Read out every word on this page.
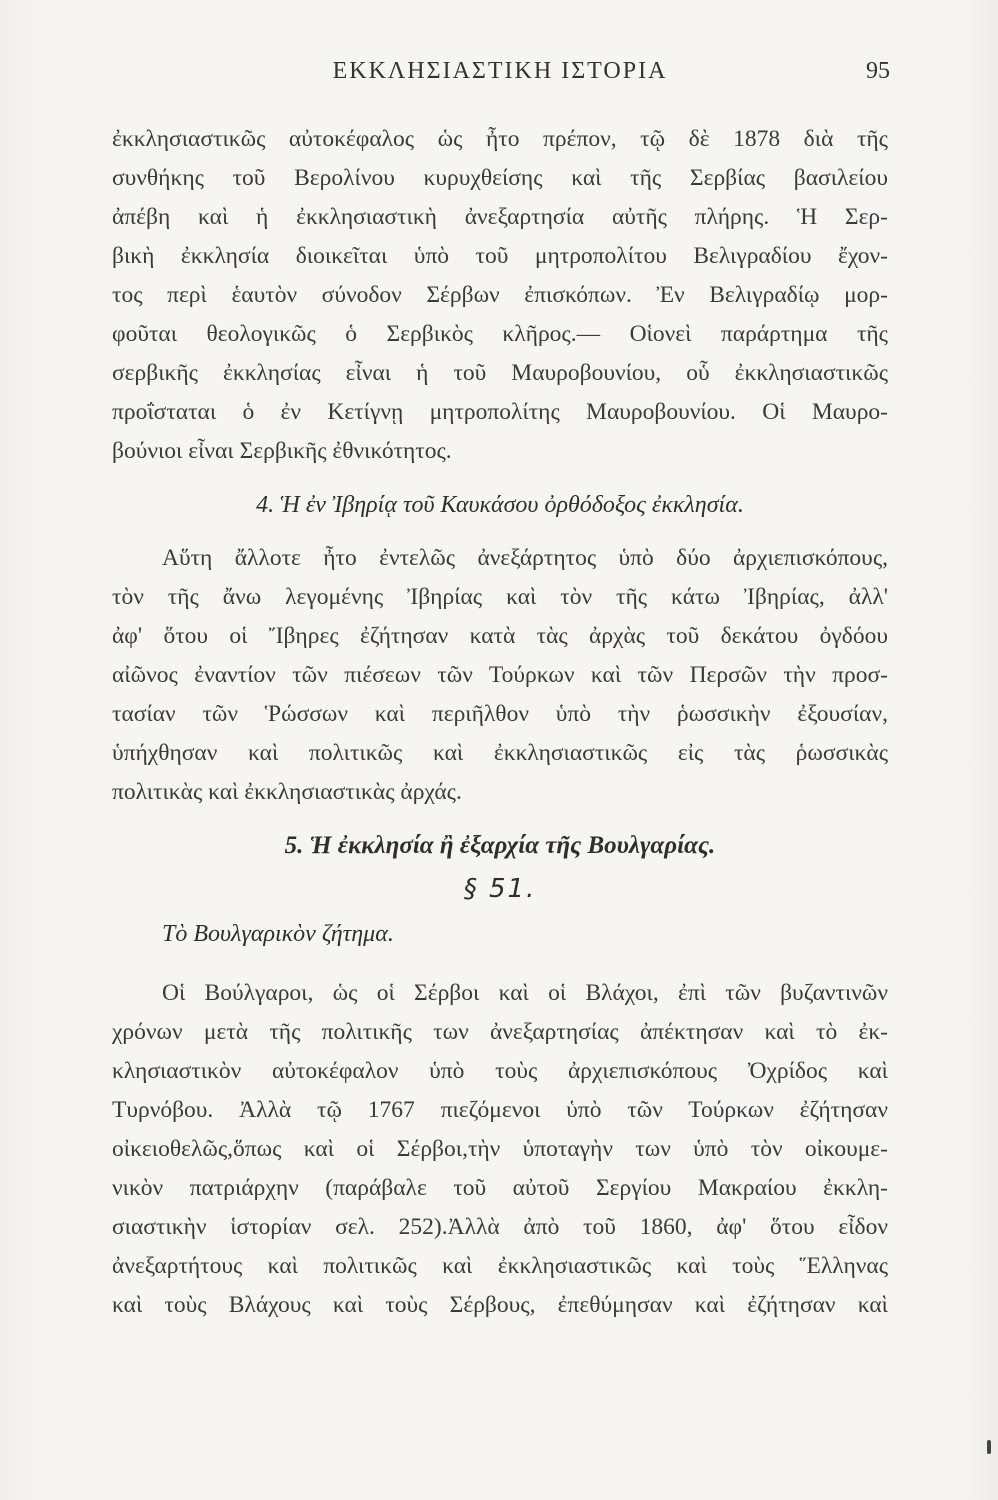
ΕΚΚΛΗΣΙΑΣΤΙΚΗ ΙΣΤΟΡΙΑ	95
ἐκκλησιαστικῶς αὐτοκέφαλος ὡς ἦτο πρέπον, τῷ δὲ 1878 διὰ τῆς
συνθήκης τοῦ Βερολίνου κυρυχθείσης καὶ τῆς Σερβίας βασιλείου
ἀπέβη καὶ ἡ ἐκκλησιαστικὴ ἀνεξαρτησία αὐτῆς πλήρης. Ἡ Σερ-
βικὴ ἐκκλησία διοικεῖται ὑπὸ τοῦ μητροπολίτου Βελιγραδίου ἔχον-
τος περὶ ἑαυτὸν σύνοδον Σέρβων ἐπισκόπων. Ἐν Βελιγραδίῳ μορ-
φοῦται θεολογικῶς ὁ Σερβικὸς κλῆρος.— Οἱονεὶ παράρτημα τῆς
σερβικῆς ἐκκλησίας εἶναι ἡ τοῦ Μαυροβουνίου, οὗ ἐκκλησιαστικῶς
προΐσταται ὁ ἐν Κετίγνῃ μητροπολίτης Μαυροβουνίου. Οἱ Μαυρο-
βούνιοι εἶναι Σερβικῆς ἐθνικότητος.
4. Ἡ ἐν Ἰβηρίᾳ τοῦ Καυκάσου ὀρθόδοξος ἐκκλησία.
Αὕτη ἄλλοτε ἦτο ἐντελῶς ἀνεξάρτητος ὑπὸ δύο ἀρχιεπισκόπους,
τὸν τῆς ἄνω λεγομένης Ἰβηρίας καὶ τὸν τῆς κάτω Ἰβηρίας, ἀλλ'
ἀφ' ὅτου οἱ Ἴβηρες ἐζήτησαν κατὰ τὰς ἀρχὰς τοῦ δεκάτου ὀγδόου
αἰῶνος ἐναντίον τῶν πιέσεων τῶν Τούρκων καὶ τῶν Περσῶν τὴν προσ-
τασίαν τῶν Ῥώσσων καὶ περιῆλθον ὑπὸ τὴν ῥωσσικὴν ἐξουσίαν,
ὑπήχθησαν καὶ πολιτικῶς καὶ ἐκκλησιαστικῶς εἰς τὰς ῥωσσικὰς
πολιτικὰς καὶ ἐκκλησιαστικὰς ἀρχάς.
5. Ἡ ἐκκλησία ἢ ἐξαρχία τῆς Βουλγαρίας.
§ 51.
Τὸ Βουλγαρικὸν ζήτημα.
Οἱ Βούλγαροι, ὡς οἱ Σέρβοι καὶ οἱ Βλάχοι, ἐπὶ τῶν βυζαντινῶν
χρόνων μετὰ τῆς πολιτικῆς των ἀνεξαρτησίας ἀπέκτησαν καὶ τὸ ἐκ-
κλησιαστικὸν αὐτοκέφαλον ὑπὸ τοὺς ἀρχιεπισκόπους Ὀχρίδος καὶ
Τυρνόβου. Ἀλλὰ τῷ 1767 πιεζόμενοι ὑπὸ τῶν Τούρκων ἐζήτησαν
οἰκειοθελῶς,ὅπως καὶ οἱ Σέρβοι,τὴν ὑποταγὴν των ὑπὸ τὸν οἰκουμε-
νικὸν πατριάρχην (παράβαλε τοῦ αὐτοῦ Σεργίου Μακραίου ἐκκλη-
σιαστικὴν ἱστορίαν σελ. 252).Ἀλλὰ ἀπὸ τοῦ 1860, ἀφ' ὅτου εἶδον
ἀνεξαρτήτους καὶ πολιτικῶς καὶ ἐκκλησιαστικῶς καὶ τοὺς Ἕλληνας
καὶ τοὺς Βλάχους καὶ τοὺς Σέρβους, ἐπεθύμησαν καὶ ἐζήτησαν καὶ
